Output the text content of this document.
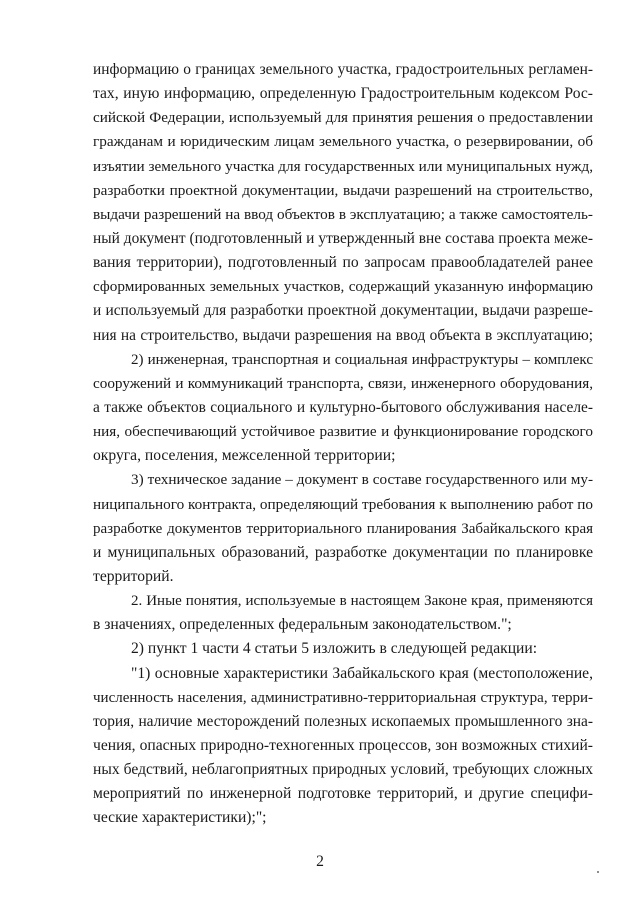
информацию о границах земельного участка, градостроительных регламен-
тах, иную информацию, определенную Градостроительным кодексом Рос-
сийской Федерации, используемый для принятия решения о предоставлении
гражданам и юридическим лицам земельного участка, о резервировании, об
изъятии земельного участка для государственных или муниципальных нужд,
разработки проектной документации, выдачи разрешений на строительство,
выдачи разрешений на ввод объектов в эксплуатацию; а также самостоятель-
ный документ (подготовленный и утвержденный вне состава проекта меже-
вания территории), подготовленный по запросам правообладателей ранее
сформированных земельных участков, содержащий указанную информацию
и используемый для разработки проектной документации, выдачи разреше-
ния на строительство, выдачи разрешения на ввод объекта в эксплуатацию;
2) инженерная, транспортная и социальная инфраструктуры – комплекс
сооружений и коммуникаций транспорта, связи, инженерного оборудования,
а также объектов социального и культурно-бытового обслуживания населе-
ния, обеспечивающий устойчивое развитие и функционирование городского
округа, поселения, межселенной территории;
3) техническое задание – документ в составе государственного или му-
ниципального контракта, определяющий требования к выполнению работ по
разработке документов территориального планирования Забайкальского края
и муниципальных образований, разработке документации по планировке
территорий.
2. Иные понятия, используемые в настоящем Законе края, применяются
в значениях, определенных федеральным законодательством.";
2) пункт 1 части 4 статьи 5 изложить в следующей редакции:
"1) основные характеристики Забайкальского края (местоположение,
численность населения, административно-территориальная структура, терри-
тория, наличие месторождений полезных ископаемых промышленного зна-
чения, опасных природно-техногенных процессов, зон возможных стихий-
ных бедствий, неблагоприятных природных условий, требующих сложных
мероприятий по инженерной подготовке территорий, и другие специфи-
ческие характеристики);";
2
